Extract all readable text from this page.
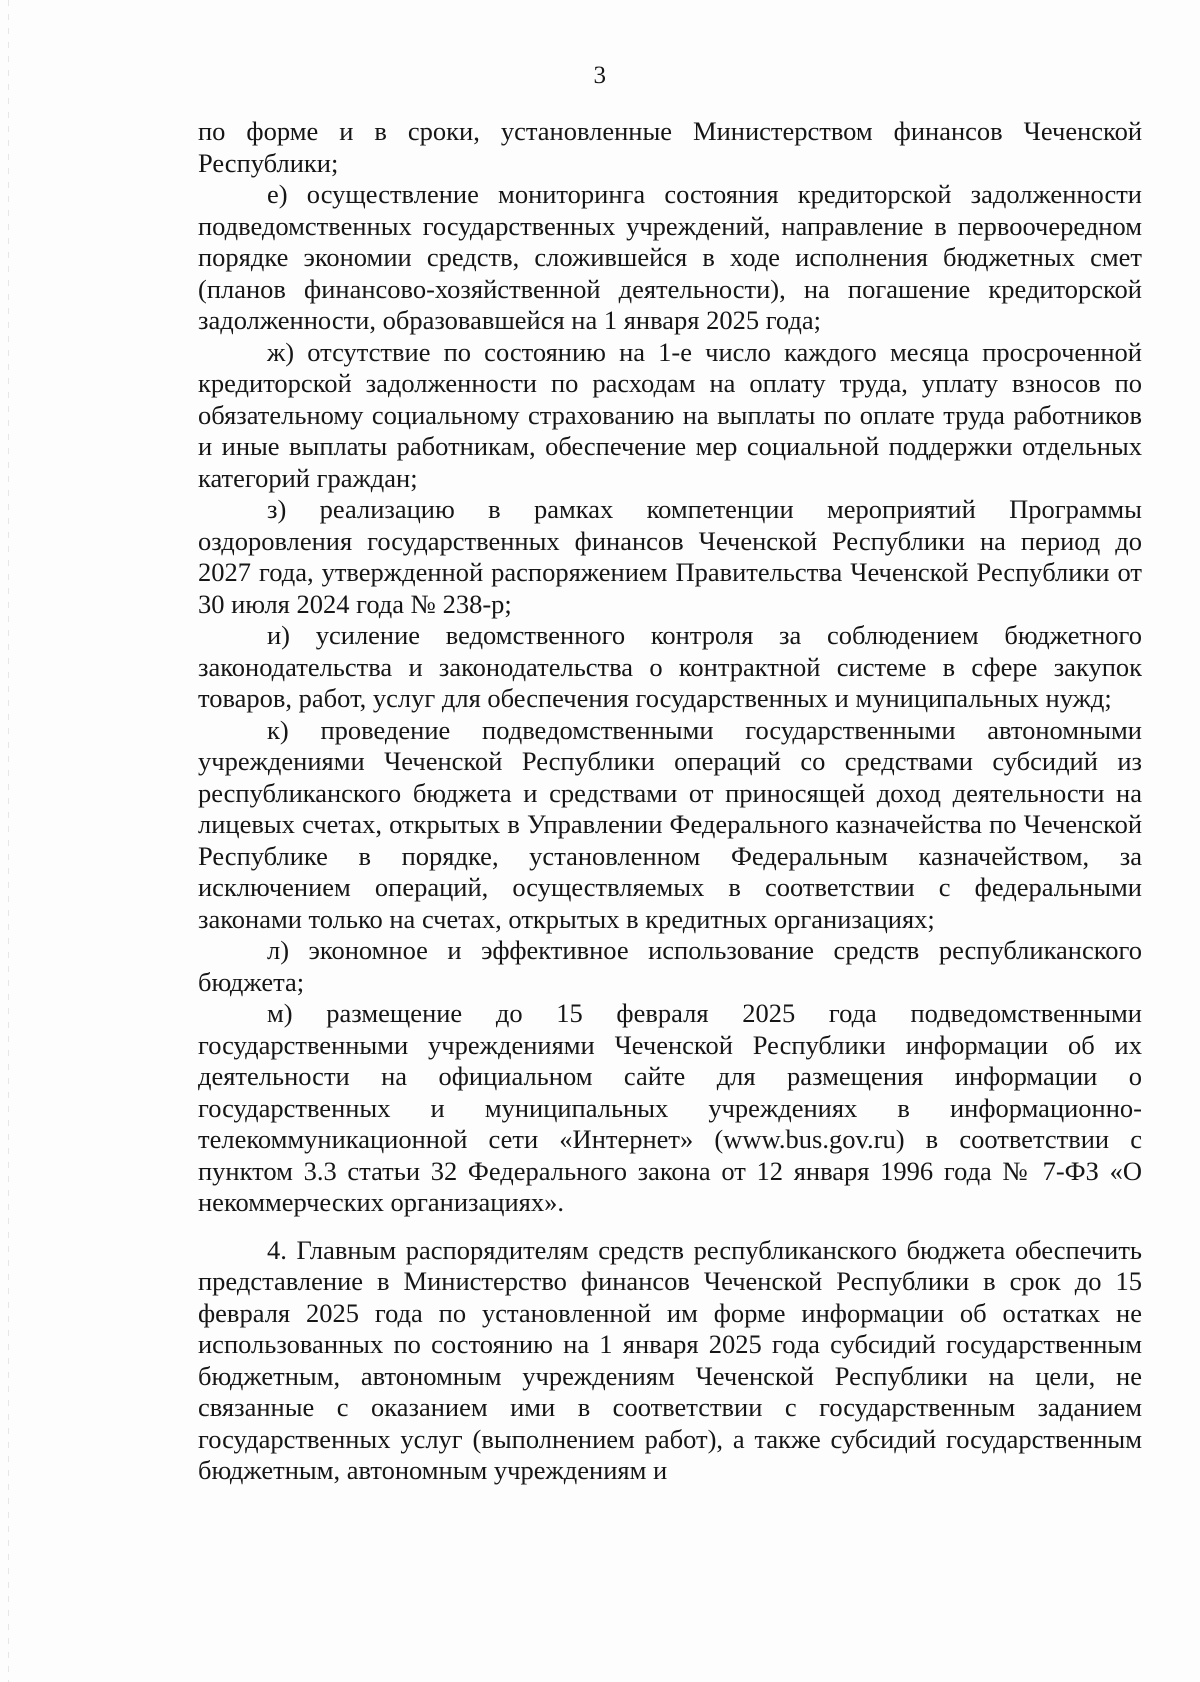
3

по форме и в сроки, установленные Министерством финансов Чеченской Республики;

е) осуществление мониторинга состояния кредиторской задолженности подведомственных государственных учреждений, направление в первоочередном порядке экономии средств, сложившейся в ходе исполнения бюджетных смет (планов финансово-хозяйственной деятельности), на погашение кредиторской задолженности, образовавшейся на 1 января 2025 года;

ж) отсутствие по состоянию на 1-е число каждого месяца просроченной кредиторской задолженности по расходам на оплату труда, уплату взносов по обязательному социальному страхованию на выплаты по оплате труда работников и иные выплаты работникам, обеспечение мер социальной поддержки отдельных категорий граждан;

з) реализацию в рамках компетенции мероприятий Программы оздоровления государственных финансов Чеченской Республики на период до 2027 года, утвержденной распоряжением Правительства Чеченской Республики от 30 июля 2024 года № 238-р;

и) усиление ведомственного контроля за соблюдением бюджетного законодательства и законодательства о контрактной системе в сфере закупок товаров, работ, услуг для обеспечения государственных и муниципальных нужд;

к) проведение подведомственными государственными автономными учреждениями Чеченской Республики операций со средствами субсидий из республиканского бюджета и средствами от приносящей доход деятельности на лицевых счетах, открытых в Управлении Федерального казначейства по Чеченской Республике в порядке, установленном Федеральным казначейством, за исключением операций, осуществляемых в соответствии с федеральными законами только на счетах, открытых в кредитных организациях;

л) экономное и эффективное использование средств республиканского бюджета;

м) размещение до 15 февраля 2025 года подведомственными государственными учреждениями Чеченской Республики информации об их деятельности на официальном сайте для размещения информации о государственных и муниципальных учреждениях в информационно-телекоммуникационной сети «Интернет» (www.bus.gov.ru) в соответствии с пунктом 3.3 статьи 32 Федерального закона от 12 января 1996 года № 7-ФЗ «О некоммерческих организациях».

4. Главным распорядителям средств республиканского бюджета обеспечить представление в Министерство финансов Чеченской Республики в срок до 15 февраля 2025 года по установленной им форме информации об остатках не использованных по состоянию на 1 января 2025 года субсидий государственным бюджетным, автономным учреждениям Чеченской Республики на цели, не связанные с оказанием ими в соответствии с государственным заданием государственных услуг (выполнением работ), а также субсидий государственным бюджетным, автономным учреждениям и
